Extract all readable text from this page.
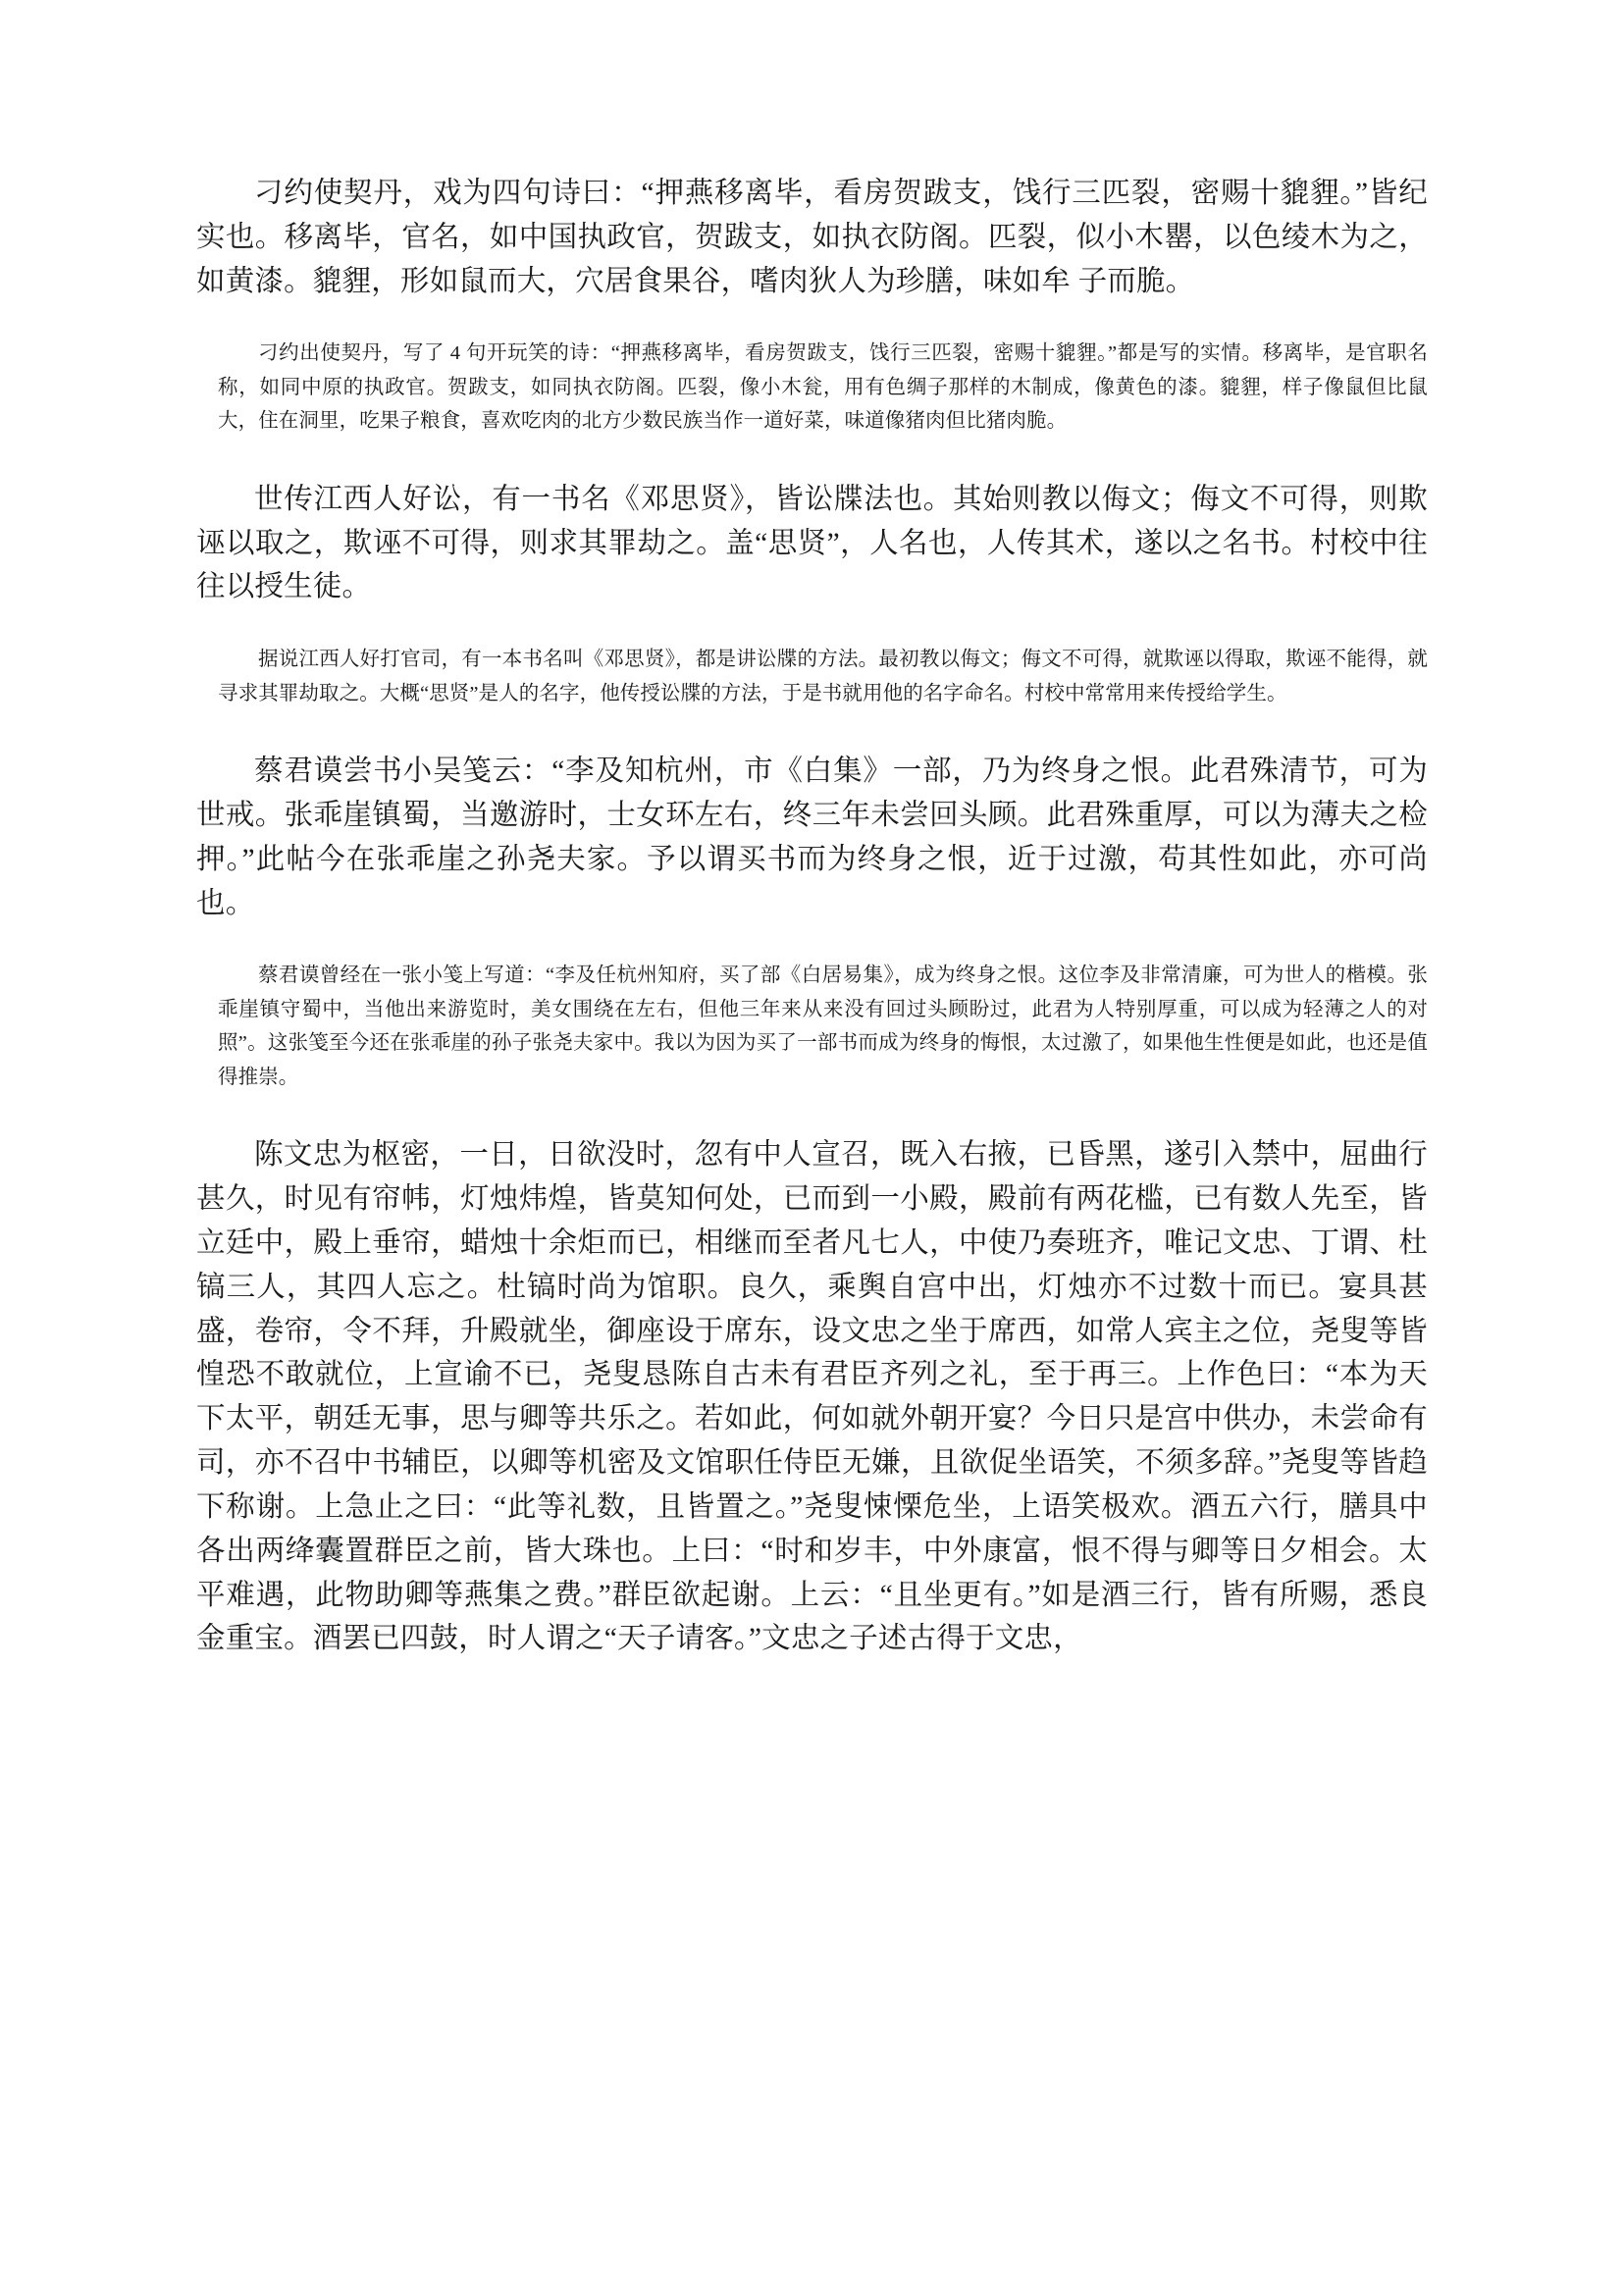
刁约使契丹，戏为四句诗曰：“押燕移离毕，看房贺跋支，饯行三匹裂，密赐十貔貍。”皆纪实也。移离毕，官名，如中国执政官，贺跋支，如执衣防阁。匹裂，似小木罌，以色绫木为之，如黄漆。貔貍，形如鼠而大，穴居食果谷，嗜肉狄人为珍膳，味如牟 子而脆。

刁约出使契丹，写了 4 句开玩笑的诗：“押燕移离毕，看房贺跋支，饯行三匹裂，密赐十貔貍。”都是写的实情。移离毕，是官职名称，如同中原的执政官。贺跋支，如同执衣防阁。匹裂，像小木瓮，用有色绸子那样的木制成，像黄色的漆。貔貍，样子像鼠但比鼠大，住在洞里，吃果子粮食，喜欢吃肉的北方少数民族当作一道好菜，味道像猪肉但比猪肉脆。

世传江西人好讼，有一书名《邓思贤》，皆讼牒法也。其始则教以侮文；侮文不可得，则欺诬以取之，欺诬不可得，则求其罪劫之。盖“思贤”，人名也，人传其术，遂以之名书。村校中往往以授生徒。

据说江西人好打官司，有一本书名叫《邓思贤》，都是讲讼牒的方法。最初教以侮文；侮文不可得，就欺诬以得取，欺诬不能得，就寻求其罪劫取之。大概“思贤”是人的名字，他传授讼牒的方法，于是书就用他的名字命名。村校中常常用来传授给学生。

蔡君谟尝书小吴笺云：“李及知杭州，市《白集》一部，乃为终身之恨。此君殊清节，可为世戒。张乖崖镇蜀，当邀游时，士女环左右，终三年未尝回头顾。此君殊重厚，可以为薄夫之检押。”此帖今在张乖崖之孙尧夫家。予以谓买书而为终身之恨，近于过激，苟其性如此，亦可尚也。

蔡君谟曾经在一张小笺上写道：“李及任杭州知府，买了部《白居易集》，成为终身之恨。这位李及非常清廉，可为世人的楷模。张乖崖镇守蜀中，当他出来游览时，美女围绕在左右，但他三年来从来没有回过头顾盼过，此君为人特别厚重，可以成为轻薄之人的对照”。这张笺至今还在张乖崖的孙子张尧夫家中。我以为因为买了一部书而成为终身的悔恨，太过激了，如果他生性便是如此，也还是值得推崇。

陈文忠为枢密，一日，日欲没时，忽有中人宣召，既入右掖，已昏黑，遂引入禁中，屈曲行甚久，时见有帘帏，灯烛炜煌，皆莫知何处，已而到一小殿，殿前有两花槛，已有数人先至，皆立廷中，殿上垂帘，蜡烛十余炬而已，相继而至者凡七人，中使乃奏班齐，唯记文忠、丁谓、杜镐三人，其四人忘之。杜镐时尚为馆职。良久，乘舆自宫中出，灯烛亦不过数十而已。宴具甚盛，卷帘，令不拜，升殿就坐，御座设于席东，设文忠之坐于席西，如常人宾主之位，尧叟等皆惶恐不敢就位，上宣谕不已，尧叟恳陈自古未有君臣齐列之礼，至于再三。上作色曰：“本为天下太平，朝廷无事，思与卿等共乐之。若如此，何如就外朝开宴？今日只是宫中供办，未尝命有司，亦不召中书辅臣，以卿等机密及文馆职任侍臣无嫌，且欲促坐语笑，不须多辞。”尧叟等皆趋下称谢。上急止之曰：“此等礼数，且皆置之。”尧叟悚慄危坐，上语笑极欢。酒五六行，膳具中各出两绛囊置群臣之前，皆大珠也。上曰：“时和岁丰，中外康富，恨不得与卿等日夕相会。太平难遇，此物助卿等燕集之费。”群臣欲起谢。上云：“且坐更有。”如是酒三行，皆有所赐，悉良金重宝。酒罢已四鼓，时人谓之“天子请客。”文忠之子述古得于文忠，
